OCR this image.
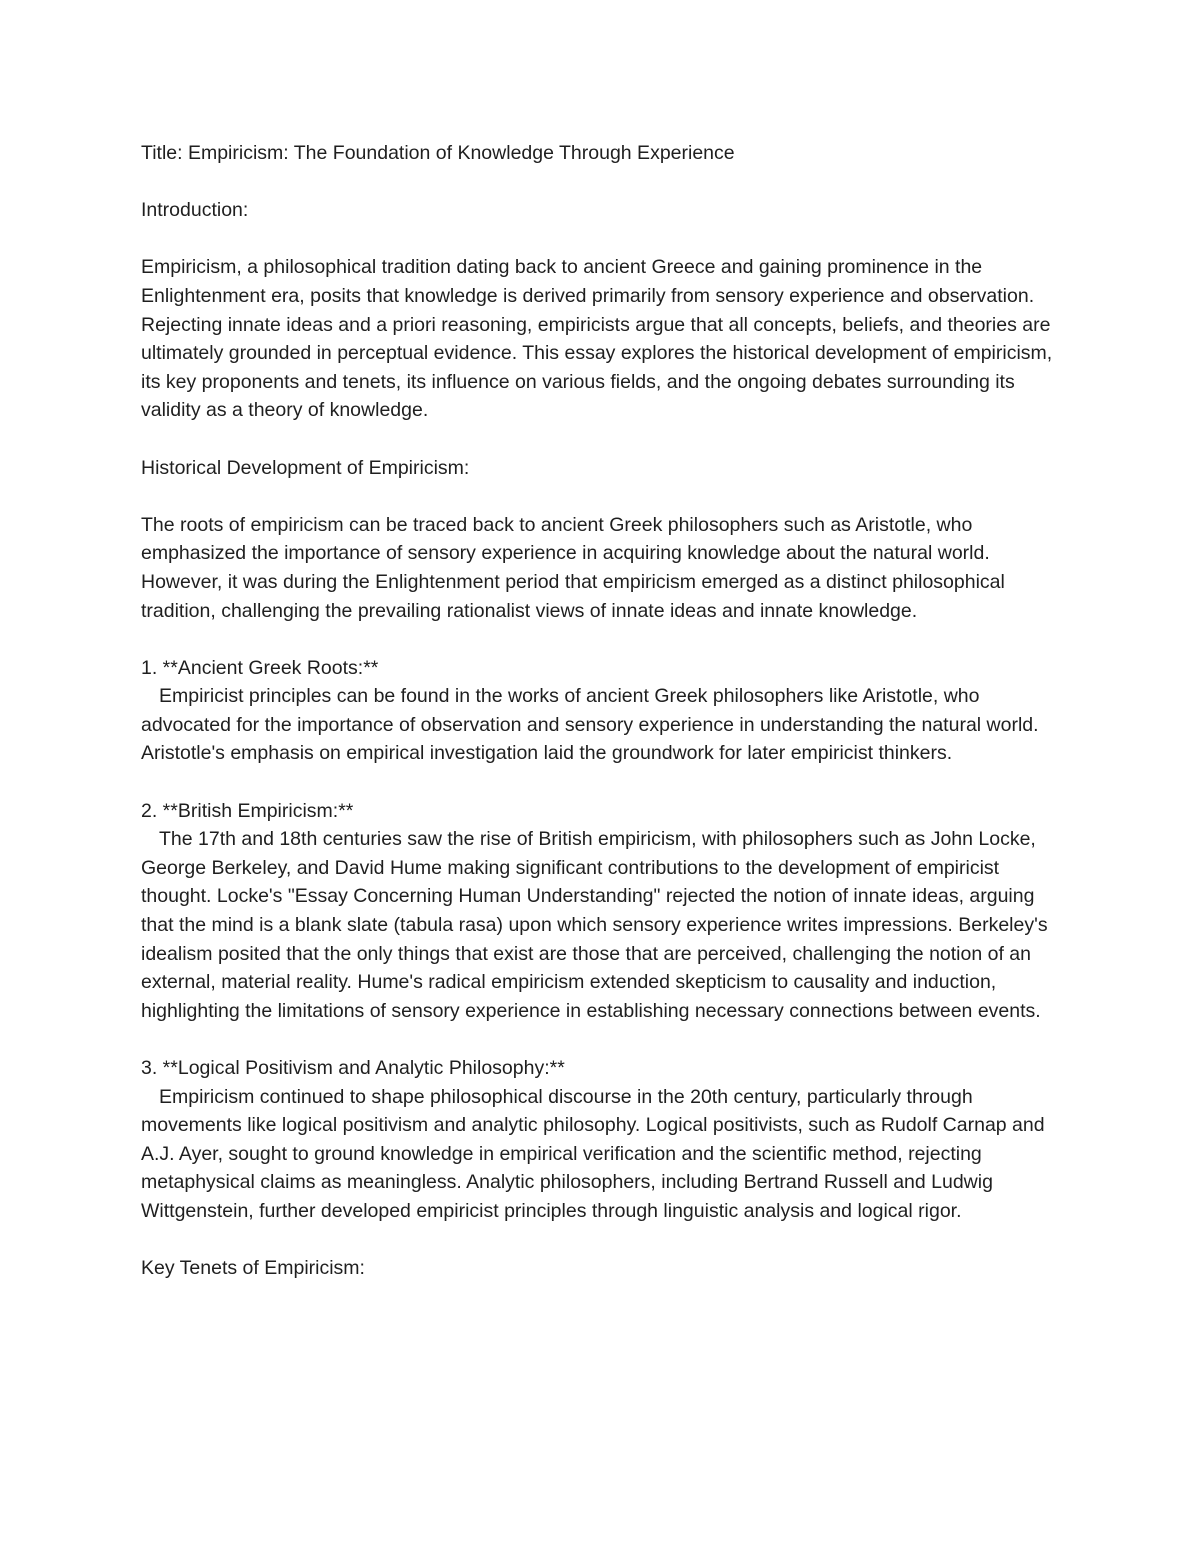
Title: Empiricism: The Foundation of Knowledge Through Experience

Introduction:

Empiricism, a philosophical tradition dating back to ancient Greece and gaining prominence in the Enlightenment era, posits that knowledge is derived primarily from sensory experience and observation. Rejecting innate ideas and a priori reasoning, empiricists argue that all concepts, beliefs, and theories are ultimately grounded in perceptual evidence. This essay explores the historical development of empiricism, its key proponents and tenets, its influence on various fields, and the ongoing debates surrounding its validity as a theory of knowledge.

Historical Development of Empiricism:

The roots of empiricism can be traced back to ancient Greek philosophers such as Aristotle, who emphasized the importance of sensory experience in acquiring knowledge about the natural world. However, it was during the Enlightenment period that empiricism emerged as a distinct philosophical tradition, challenging the prevailing rationalist views of innate ideas and innate knowledge.

1. **Ancient Greek Roots:**
Empiricist principles can be found in the works of ancient Greek philosophers like Aristotle, who advocated for the importance of observation and sensory experience in understanding the natural world. Aristotle's emphasis on empirical investigation laid the groundwork for later empiricist thinkers.
2. **British Empiricism:**
The 17th and 18th centuries saw the rise of British empiricism, with philosophers such as John Locke, George Berkeley, and David Hume making significant contributions to the development of empiricist thought. Locke's "Essay Concerning Human Understanding" rejected the notion of innate ideas, arguing that the mind is a blank slate (tabula rasa) upon which sensory experience writes impressions. Berkeley's idealism posited that the only things that exist are those that are perceived, challenging the notion of an external, material reality. Hume's radical empiricism extended skepticism to causality and induction, highlighting the limitations of sensory experience in establishing necessary connections between events.
3. **Logical Positivism and Analytic Philosophy:**
Empiricism continued to shape philosophical discourse in the 20th century, particularly through movements like logical positivism and analytic philosophy. Logical positivists, such as Rudolf Carnap and A.J. Ayer, sought to ground knowledge in empirical verification and the scientific method, rejecting metaphysical claims as meaningless. Analytic philosophers, including Bertrand Russell and Ludwig Wittgenstein, further developed empiricist principles through linguistic analysis and logical rigor.

Key Tenets of Empiricism:
